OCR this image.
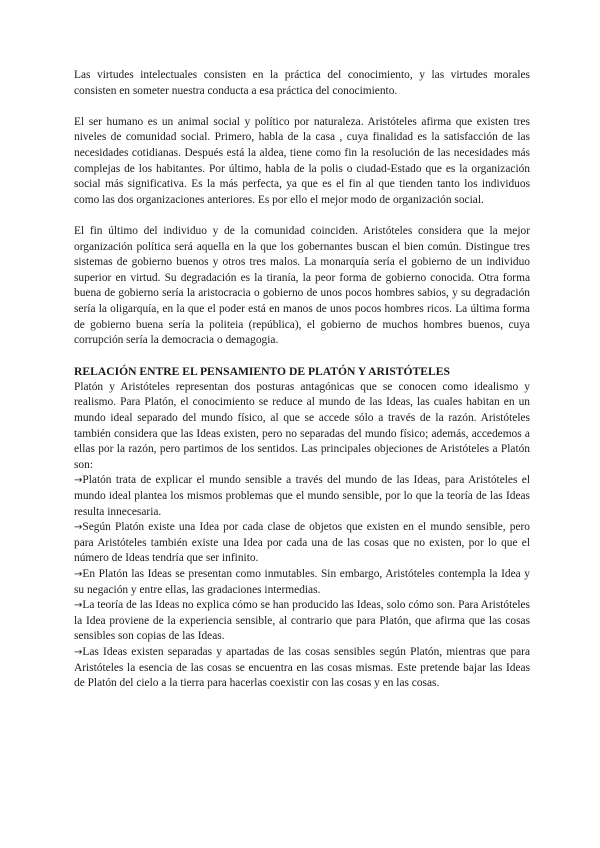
Las virtudes intelectuales consisten en la práctica del conocimiento, y las virtudes morales consisten en someter nuestra conducta a esa práctica del conocimiento.

El ser humano es un animal social y político por naturaleza. Aristóteles afirma que existen tres niveles de comunidad social. Primero, habla de la casa , cuya finalidad es la satisfacción de las necesidades cotidianas. Después está la aldea, tiene como fin la resolución de las necesidades más complejas de los habitantes. Por último, habla de la polis o ciudad-Estado que es la organización social más significativa. Es la más perfecta, ya que es el fin al que tienden tanto los individuos como las dos organizaciones anteriores. Es por ello el mejor modo de organización social.

El fin último del individuo y de la comunidad coinciden. Aristóteles considera que la mejor organización política será aquella en la que los gobernantes buscan el bien común. Distingue tres sistemas de gobierno buenos y otros tres malos. La monarquía sería el gobierno de un individuo superior en virtud. Su degradación es la tiranía, la peor forma de gobierno conocida. Otra forma buena de gobierno sería la aristocracia o gobierno de unos pocos hombres sabios, y su degradación sería la oligarquía, en la que el poder está en manos de unos pocos hombres ricos. La última forma de gobierno buena sería la politeia (república), el gobierno de muchos hombres buenos, cuya corrupción sería la democracia o demagogia.

RELACIÓN ENTRE EL PENSAMIENTO DE PLATÓN Y ARISTÓTELES

Platón y Aristóteles representan dos posturas antagónicas que se conocen como idealismo y realismo. Para Platón, el conocimiento se reduce al mundo de las Ideas, las cuales habitan en un mundo ideal separado del mundo físico, al que se accede sólo a través de la razón. Aristóteles también considera que las Ideas existen, pero no separadas del mundo físico; además, accedemos a ellas por la razón, pero partimos de los sentidos. Las principales objeciones de Aristóteles a Platón son:

→Platón trata de explicar el mundo sensible a través del mundo de las Ideas, para Aristóteles el mundo ideal plantea los mismos problemas que el mundo sensible, por lo que la teoría de las Ideas resulta innecesaria.

→Según Platón existe una Idea por cada clase de objetos que existen en el mundo sensible, pero para Aristóteles también existe una Idea por cada una de las cosas que no existen, por lo que el número de Ideas tendría que ser infinito.

→En Platón las Ideas se presentan como inmutables. Sin embargo, Aristóteles contempla la Idea y su negación y entre ellas, las gradaciones intermedias.

→La teoría de las Ideas no explica cómo se han producido las Ideas, solo cómo son. Para Aristóteles la Idea proviene de la experiencia sensible, al contrario que para Platón, que afirma que las cosas sensibles son copias de las Ideas.

→Las Ideas existen separadas y apartadas de las cosas sensibles según Platón, mientras que para Aristóteles la esencia de las cosas se encuentra en las cosas mismas. Este pretende bajar las Ideas de Platón del cielo a la tierra para hacerlas coexistir con las cosas y en las cosas.
